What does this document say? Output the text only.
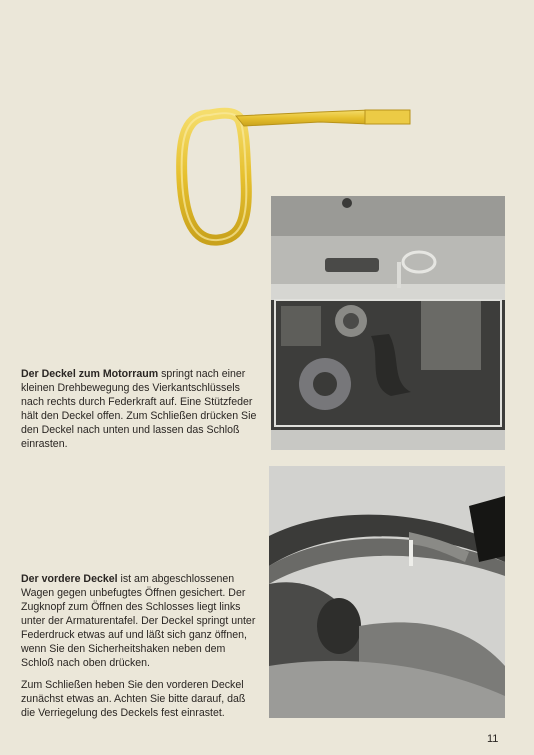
Der Deckel zum Motorraum springt nach einer kleinen Drehbewegung des Vierkantschlüssels nach rechts durch Federkraft auf. Eine Stützfeder hält den Deckel offen. Zum Schließen drücken Sie den Deckel nach unten und lassen das Schloß einrasten.

Der vordere Deckel ist am abgeschlossenen Wagen gegen unbefugtes Öffnen gesichert. Der Zugknopf zum Öffnen des Schlosses liegt links unter der Armaturentafel. Der Deckel springt unter Federdruck etwas auf und läßt sich ganz öffnen, wenn Sie den Sicherheitshaken neben dem Schloß nach oben drücken.

Zum Schließen heben Sie den vorderen Deckel zunächst etwas an. Achten Sie bitte darauf, daß die Verriegelung des Deckels fest einrastet.

11
